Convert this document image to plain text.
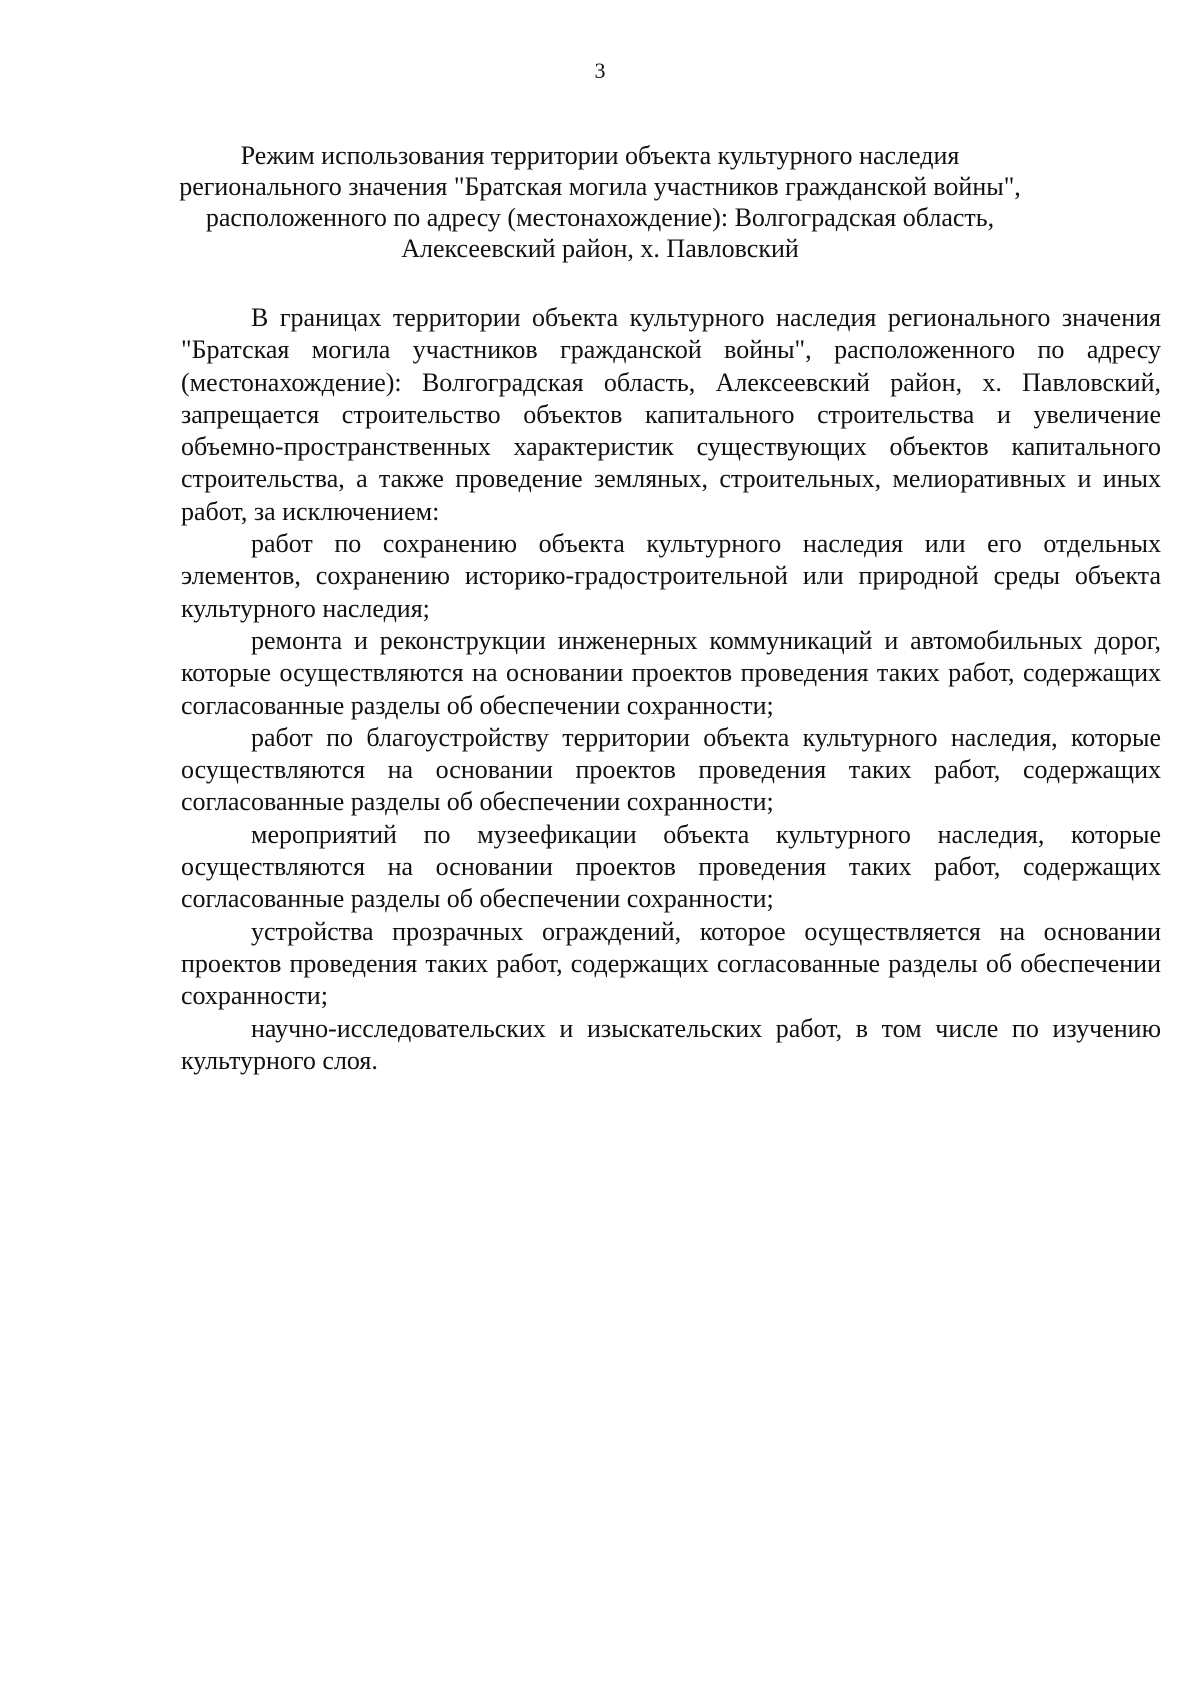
3
Режим использования территории объекта культурного наследия
регионального значения "Братская могила участников гражданской войны",
расположенного по адресу (местонахождение): Волгоградская область,
Алексеевский район, х. Павловский

В границах территории объекта культурного наследия регионального значения "Братская могила участников гражданской войны", расположенного по адресу (местонахождение): Волгоградская область, Алексеевский район, х. Павловский, запрещается строительство объектов капитального строительства и увеличение объемно-пространственных характеристик существующих объектов капитального строительства, а также проведение земляных, строительных, мелиоративных и иных работ, за исключением:

работ по сохранению объекта культурного наследия или его отдельных элементов, сохранению историко-градостроительной или природной среды объекта культурного наследия;

ремонта и реконструкции инженерных коммуникаций и автомобильных дорог, которые осуществляются на основании проектов проведения таких работ, содержащих согласованные разделы об обеспечении сохранности;

работ по благоустройству территории объекта культурного наследия, которые осуществляются на основании проектов проведения таких работ, содержащих согласованные разделы об обеспечении сохранности;

мероприятий по музеефикации объекта культурного наследия, которые осуществляются на основании проектов проведения таких работ, содержащих согласованные разделы об обеспечении сохранности;

устройства прозрачных ограждений, которое осуществляется на основании проектов проведения таких работ, содержащих согласованные разделы об обеспечении сохранности;

научно-исследовательских и изыскательских работ, в том числе по изучению культурного слоя.
